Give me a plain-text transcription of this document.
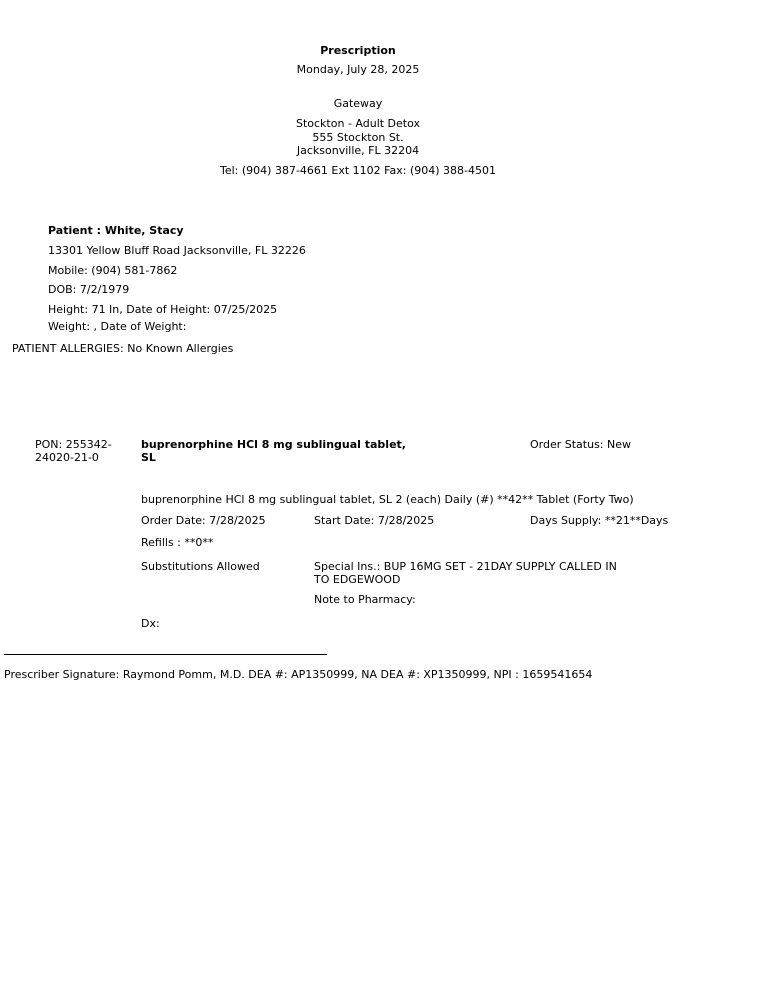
Prescription
Monday, July 28, 2025
Gateway
Stockton - Adult Detox
555 Stockton St.
Jacksonville, FL 32204
Tel: (904) 387-4661 Ext 1102 Fax: (904) 388-4501
Patient : White, Stacy
13301 Yellow Bluff Road Jacksonville, FL 32226
Mobile: (904) 581-7862
DOB: 7/2/1979
Height: 71 In, Date of Height: 07/25/2025
Weight: , Date of Weight:
PATIENT ALLERGIES: No Known Allergies
PON: 255342-24020-21-0
buprenorphine HCl 8 mg sublingual tablet, SL
Order Status: New
buprenorphine HCl 8 mg sublingual tablet, SL 2 (each) Daily (#) **42** Tablet (Forty Two)
Order Date: 7/28/2025	Start Date: 7/28/2025	Days Supply: **21**Days
Refills : **0**
Substitutions Allowed	Special Ins.: BUP 16MG SET - 21DAY SUPPLY CALLED IN TO EDGEWOOD
Note to Pharmacy:
Dx:
Prescriber Signature: Raymond Pomm, M.D. DEA #: AP1350999, NA DEA #: XP1350999, NPI : 1659541654
